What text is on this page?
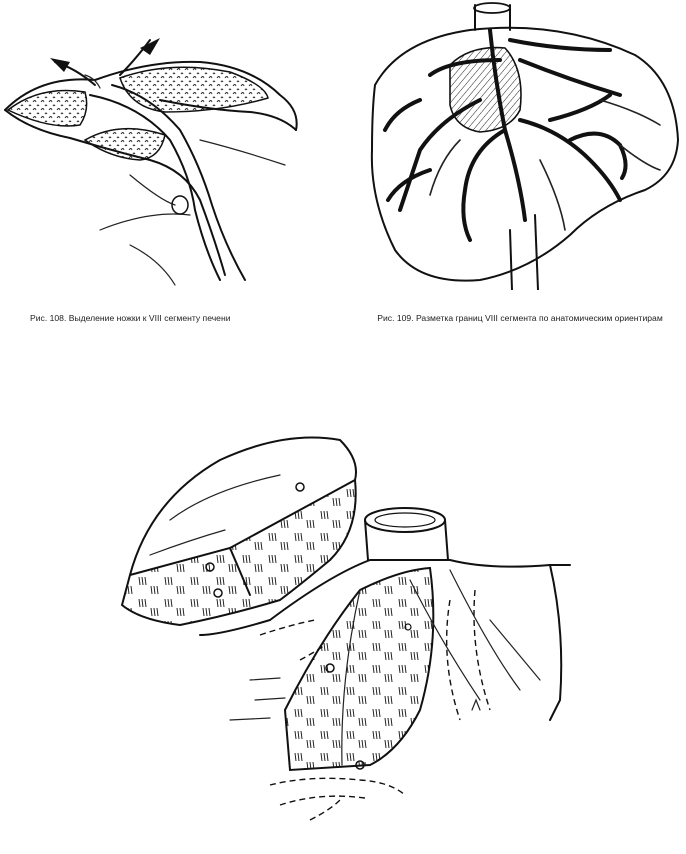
Рис. 108. Выделение ножки к VIII сегменту печени	Рис. 109. Разметка границ VIII сегмента по анатомическим ориентирам
